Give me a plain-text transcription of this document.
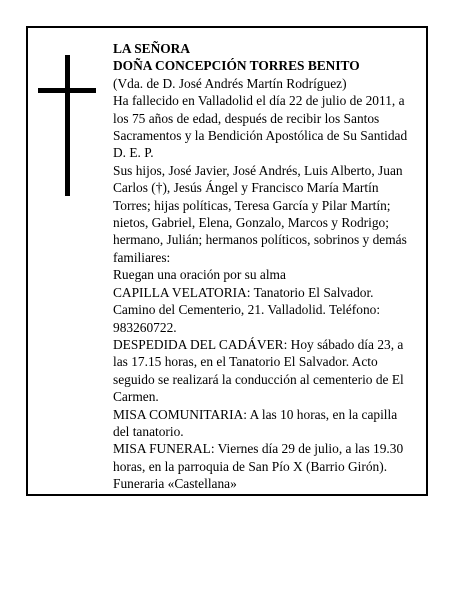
LA SEÑORA
DOÑA CONCEPCIÓN TORRES BENITO
(Vda. de D. José Andrés Martín Rodríguez)
Ha fallecido en Valladolid el día 22 de julio de 2011, a
los 75 años de edad, después de recibir los Santos
Sacramentos y la Bendición Apostólica de Su Santidad
D. E. P.
Sus hijos, José Javier, José Andrés, Luis Alberto, Juan
Carlos (†), Jesús Ángel y Francisco María Martín
Torres; hijas políticas, Teresa García y Pilar Martín;
nietos, Gabriel, Elena, Gonzalo, Marcos y Rodrigo;
hermano, Julián; hermanos políticos, sobrinos y demás
familiares:
Ruegan una oración por su alma
CAPILLA VELATORIA: Tanatorio El Salvador.
Camino del Cementerio, 21. Valladolid. Teléfono:
983260722.
DESPEDIDA DEL CADÁVER: Hoy sábado día 23, a
las 17.15 horas, en el Tanatorio El Salvador. Acto
seguido se realizará la conducción al cementerio de El
Carmen.
MISA COMUNITARIA: A las 10 horas, en la capilla
del tanatorio.
MISA FUNERAL: Viernes día 29 de julio, a las 19.30
horas, en la parroquia de San Pío X (Barrio Girón).
Funeraria «Castellana»
